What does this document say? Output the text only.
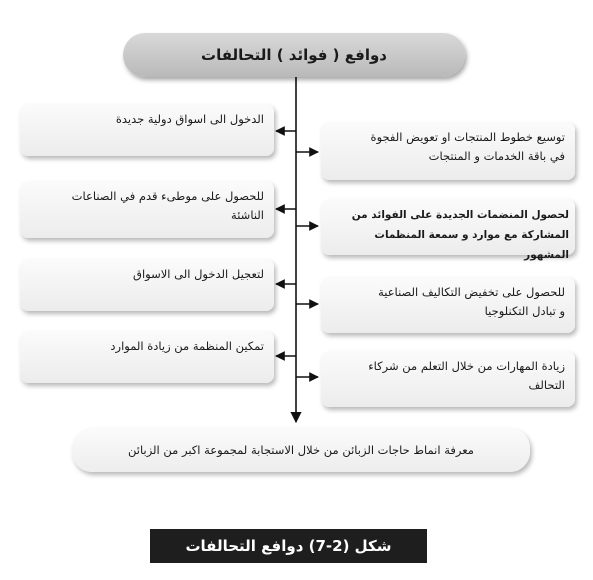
دوافع ( فوائد ) التحالفات
الدخول الى اسواق دولية جديدة
للحصول على موطىء قدم في الصناعات
الناشئة
لتعجيل الدخول الى الاسواق
تمكين المنظمة من زيادة الموارد
توسيع خطوط المنتجات او تعويض الفجوة
في باقة الخدمات و المنتجات
لحصول المنضمات الجديدة على الفوائد من
المشاركة مع موارد و سمعة المنظمات المشهور
للحصول على تخفيض التكاليف الصناعية
و تبادل التكنلوجيا
زيادة المهارات من خلال التعلم من شركاء
التحالف
معرفة انماط حاجات الزبائن من خلال الاستجابة لمجموعة اكبر من الزبائن
شكل (2-7) دوافع التحالفات
